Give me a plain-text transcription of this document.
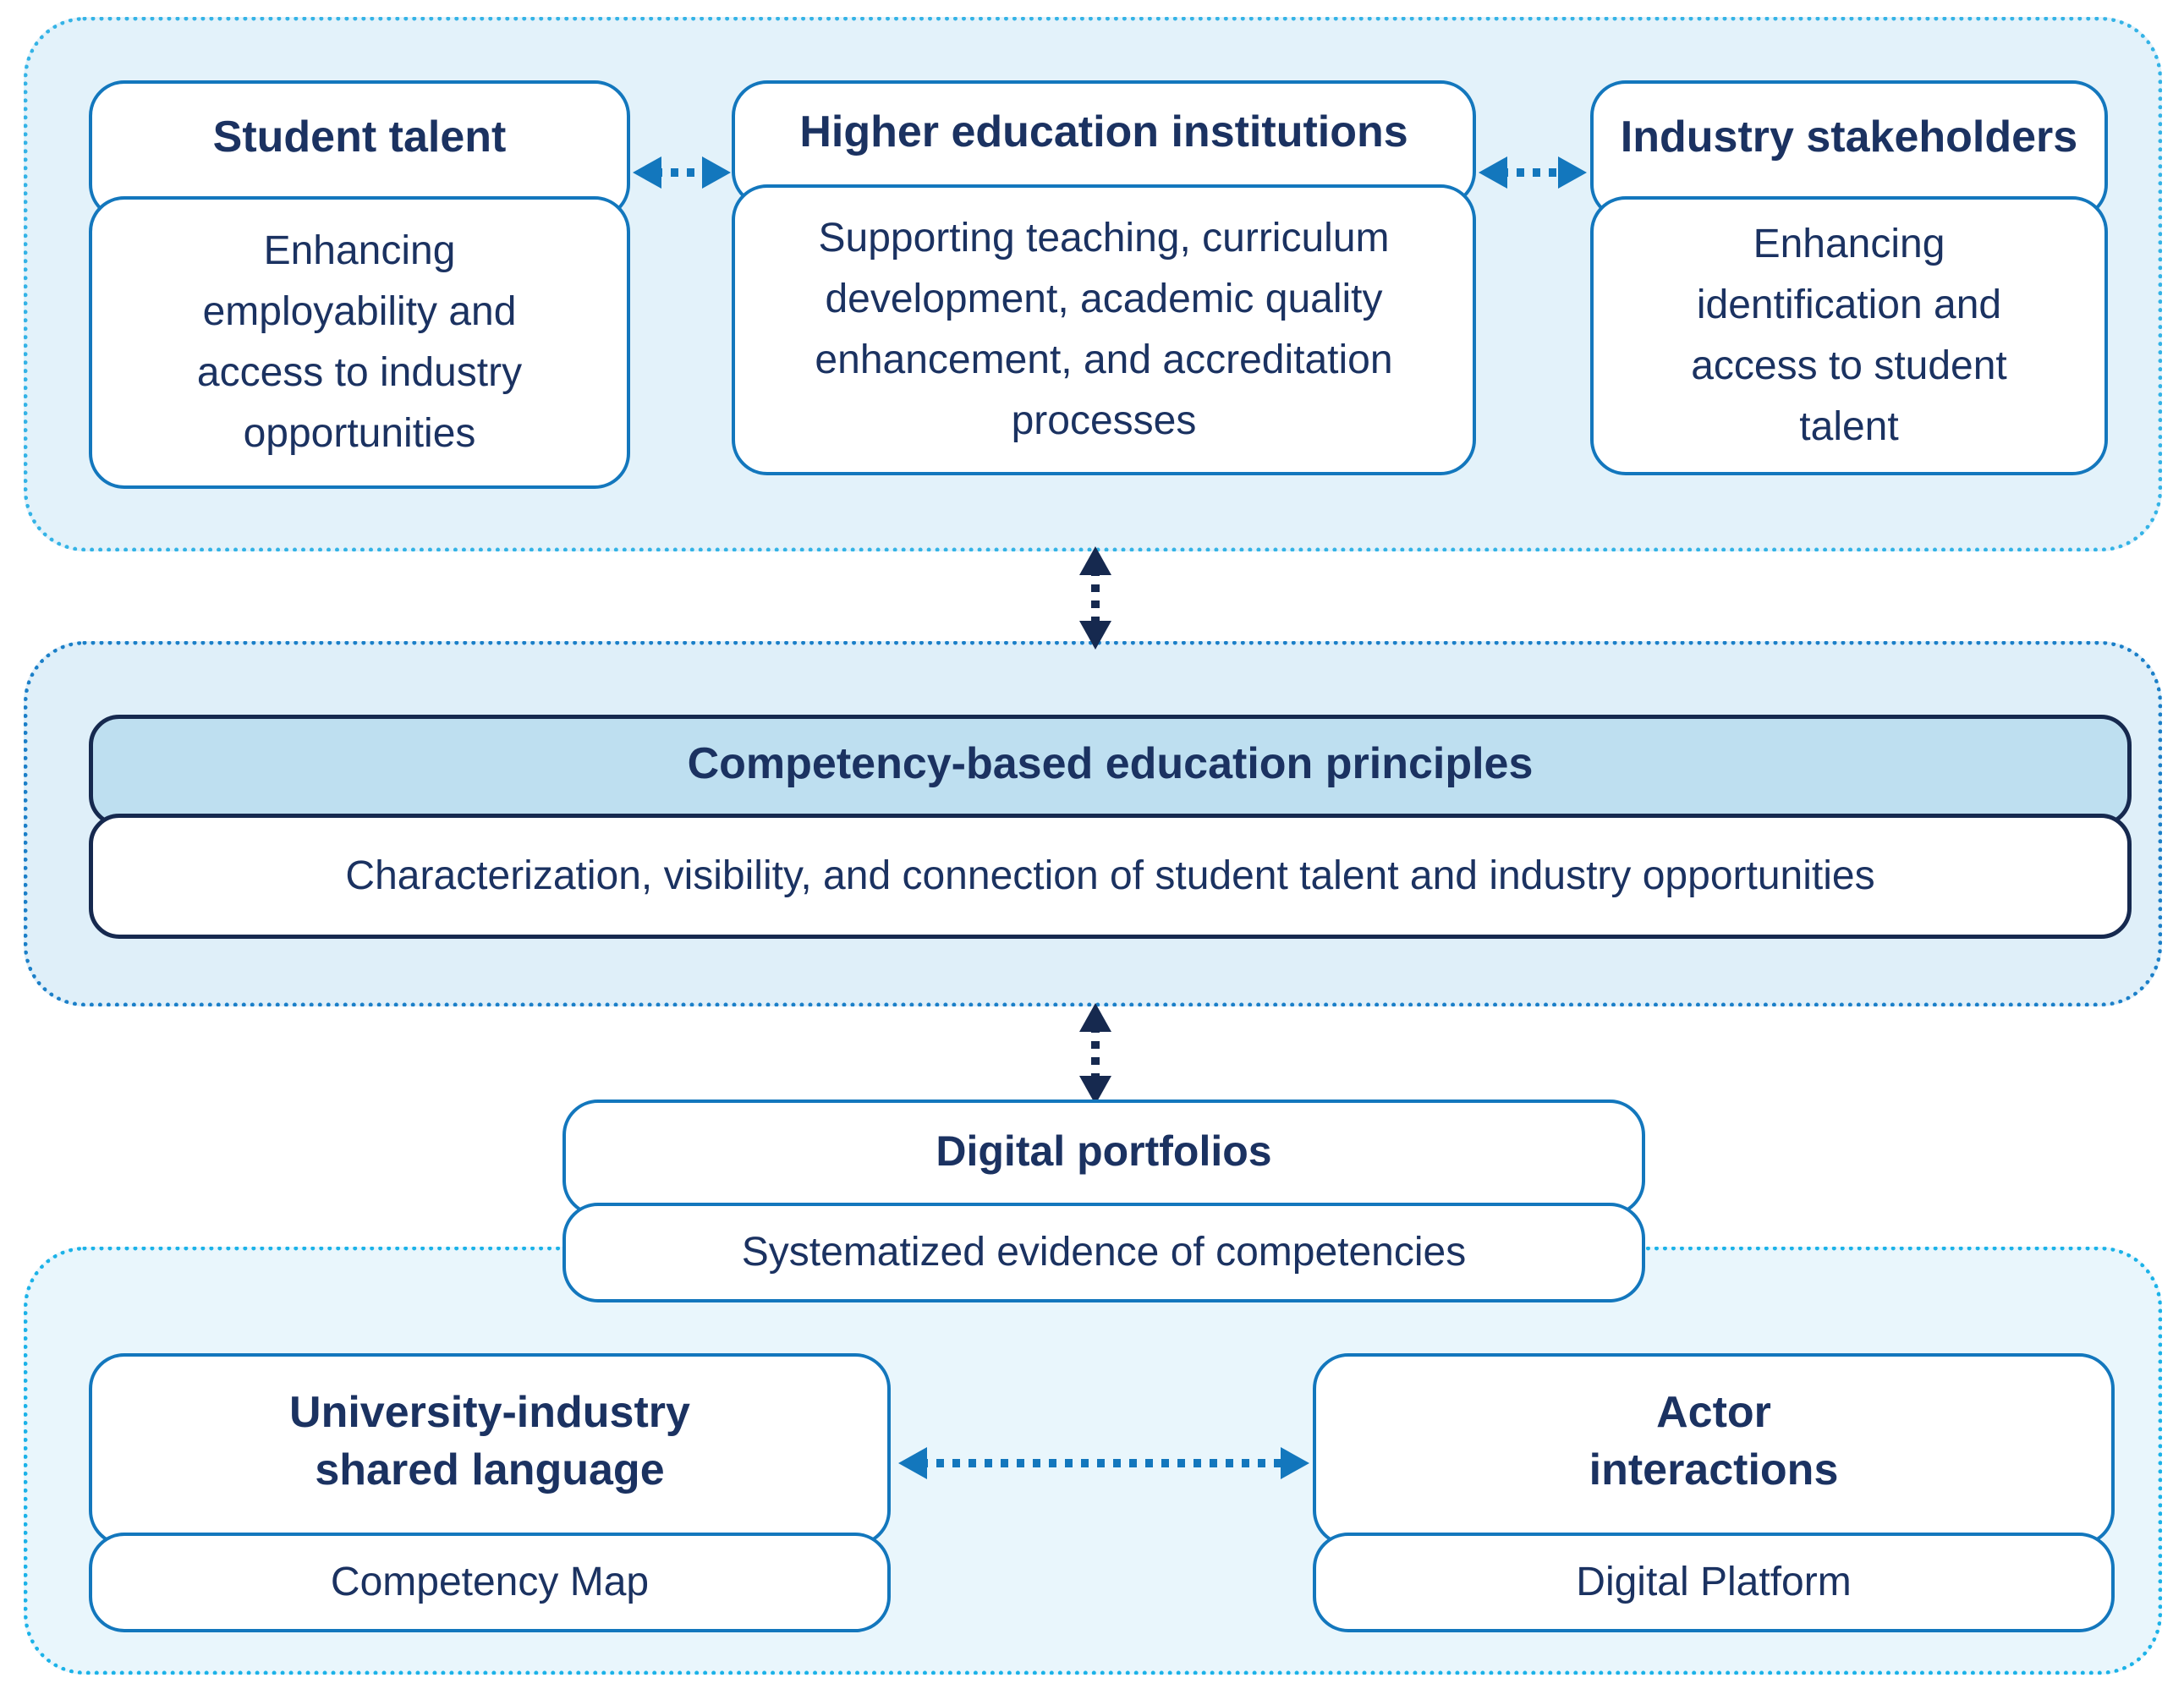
Student talent
Enhancing employability and access to industry opportunities
Higher education institutions
Supporting teaching, curriculum development, academic quality enhancement, and accreditation processes
Industry stakeholders
Enhancing identification and access to student talent
Competency-based education principles
Characterization, visibility, and connection of student talent and industry opportunities
Digital portfolios
Systematized evidence of competencies
University-industry
shared language
Competency Map
Actor
interactions
Digital Platform
